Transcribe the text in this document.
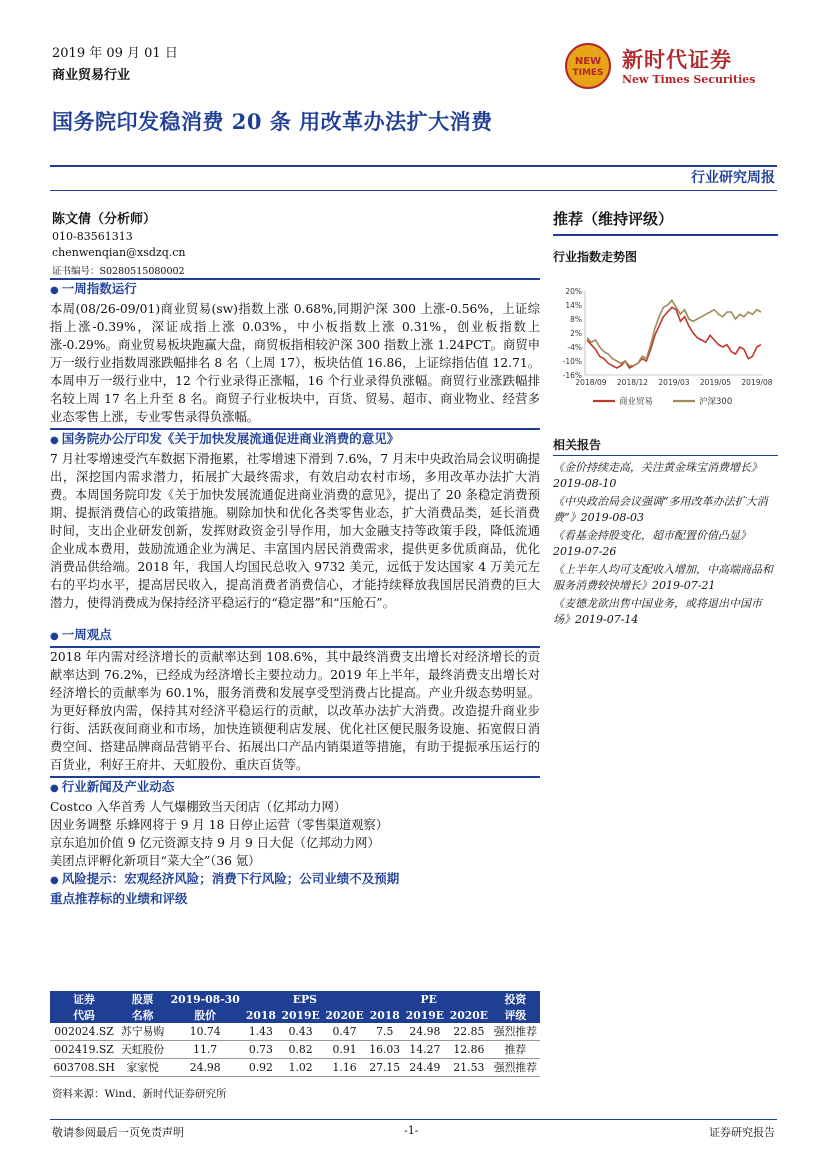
2019 年 09 月 01 日
商业贸易行业
NEW
TIMES
新时代证券
New Times Securities
国务院印发稳消费 20 条 用改革办法扩大消费
行业研究周报
陈文倩（分析师）
010-83561313
chenwenqian@xsdzq.cn
证书编号：S0280515080002
● 一周指数运行
本周(08/26-09/01)商业贸易(sw)指数上涨 0.68%,同期沪深 300 上涨-0.56%，上证综指上涨-0.39%，深证成指上涨 0.03%，中小板指数上涨 0.31%，创业板指数上涨-0.29%。商业贸易板块跑赢大盘，商贸板指相较沪深 300 指数上涨 1.24PCT。商贸申万一级行业指数周涨跌幅排名 8 名（上周 17），板块估值 16.86，上证综指估值 12.71。本周申万一级行业中，12 个行业录得正涨幅，16 个行业录得负涨幅。商贸行业涨跌幅排名较上周 17 名上升至 8 名。商贸子行业板块中，百货、贸易、超市、商业物业、经营多业态零售上涨，专业零售录得负涨幅。
● 国务院办公厅印发《关于加快发展流通促进商业消费的意见》
7 月社零增速受汽车数据下滑拖累，社零增速下滑到 7.6%，7 月末中央政治局会议明确提出，深挖国内需求潜力，拓展扩大最终需求，有效启动农村市场，多用改革办法扩大消费。本周国务院印发《关于加快发展流通促进商业消费的意见》，提出了 20 条稳定消费预期、提振消费信心的政策措施。剔除加快和优化各类零售业态，扩大消费品类，延长消费时间，支出企业研发创新，发挥财政资金引导作用，加大金融支持等政策手段，降低流通企业成本费用，鼓励流通企业为满足、丰富国内居民消费需求，提供更多优质商品，优化消费品供给端。2018 年，我国人均国民总收入 9732 美元，远低于发达国家 4 万美元左右的平均水平，提高居民收入，提高消费者消费信心，才能持续释放我国居民消费的巨大潜力，使得消费成为保持经济平稳运行的“稳定器”和“压舱石”。
● 一周观点
2018 年内需对经济增长的贡献率达到 108.6%，其中最终消费支出增长对经济增长的贡献率达到 76.2%，已经成为经济增长主要拉动力。2019 年上半年，最终消费支出增长对经济增长的贡献率为 60.1%，服务消费和发展享受型消费占比提高。产业升级态势明显。为更好释放内需，保持其对经济平稳运行的贡献，以改革办法扩大消费。改造提升商业步行街、活跃夜间商业和市场，加快连锁便利店发展、优化社区便民服务设施、拓宽假日消费空间、搭建品牌商品营销平台、拓展出口产品内销渠道等措施，有助于提振承压运行的百货业，利好王府井、天虹股份、重庆百货等。
● 行业新闻及产业动态
Costco 入华首秀 人气爆棚致当天闭店（亿邦动力网）
因业务调整 乐蜂网将于 9 月 18 日停止运营（零售渠道观察）
京东追加价值 9 亿元资源支持 9 月 9 日大促（亿邦动力网）
美团点评孵化新项目“菜大全”（36 氪）
● 风险提示：宏观经济风险；消费下行风险；公司业绩不及预期
重点推荐标的业绩和评级
证券	股票	2019-08-30	EPS			PE			投资
代码	名称	股价	2018	2019E	2020E	2018	2019E	2020E	评级
002024.SZ	苏宁易购	10.74	1.43	0.43	0.47	7.5	24.98	22.85	强烈推荐
002419.SZ	天虹股份	11.7	0.73	0.82	0.91	16.03	14.27	12.86	推荐
603708.SH	家家悦	24.98	0.92	1.02	1.16	27.15	24.49	21.53	强烈推荐
资料来源：Wind、新时代证券研究所
推荐（维持评级）
行业指数走势图
20%
14%
8%
2%
-4%
-10%
-16%
2018/09 2018/12 2019/03 2019/05 2019/08
商业贸易	沪深300
相关报告
《金价持续走高，关注黄金珠宝消费增长》2019-08-10
《中央政治局会议强调“多用改革办法扩大消费”》2019-08-03
《看基金持股变化，超市配置价值凸显》2019-07-26
《上半年人均可支配收入增加，中高端商品和服务消费较快增长》2019-07-21
《麦德龙欲出售中国业务，或将退出中国市场》2019-07-14
敬请参阅最后一页免责声明	-1-	证券研究报告
